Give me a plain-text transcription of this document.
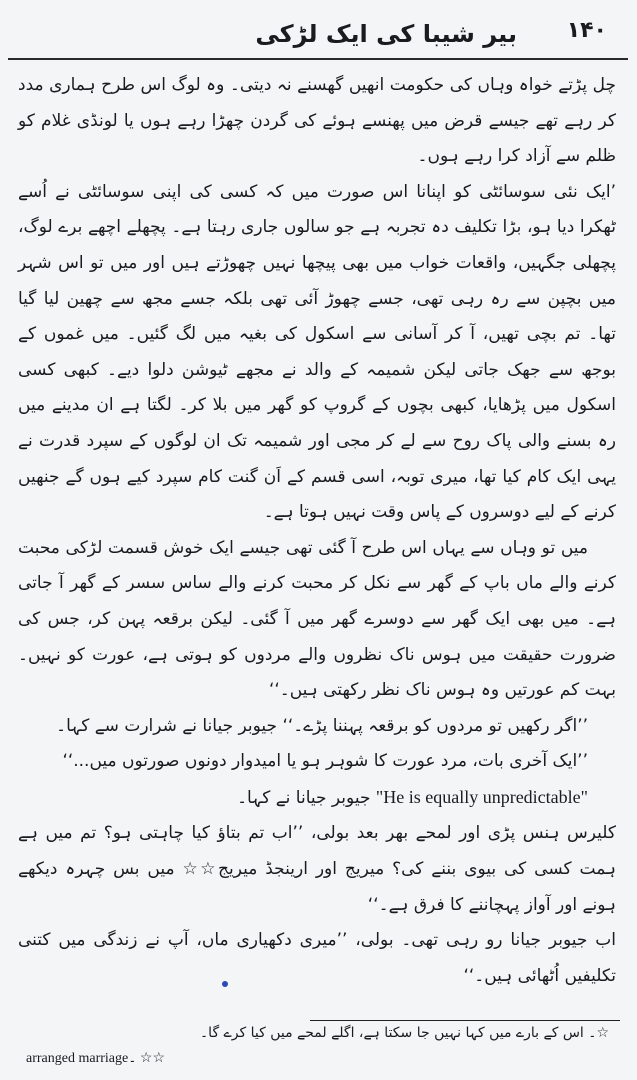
۱۴۰
بیر شیبا کی ایک لڑکی

چل پڑتے خواہ وہاں کی حکومت انھیں گھسنے نہ دیتی۔ وہ لوگ اس طرح ہماری مدد کر رہے تھے جیسے قرض میں پھنسے ہوئے کی گردن چھڑا رہے ہوں یا لونڈی غلام کو ظلم سے آزاد کرا رہے ہوں۔

’ایک نئی سوسائٹی کو اپنانا اس صورت میں کہ کسی کی اپنی سوسائٹی نے اُسے ٹھکرا دیا ہو، بڑا تکلیف دہ تجربہ ہے جو سالوں جاری رہتا ہے۔ پچھلے اچھے برے لوگ، پچھلی جگہیں، واقعات خواب میں بھی پیچھا نہیں چھوڑتے ہیں اور میں تو اس شہر میں بچپن سے رہ رہی تھی، جسے چھوڑ آئی تھی بلکہ جسے مجھ سے چھین لیا گیا تھا۔ تم بچی تھیں، آ کر آسانی سے اسکول کی بغیہ میں لگ گئیں۔ میں غموں کے بوجھ سے جھک جاتی لیکن شمیمہ کے والد نے مجھے ٹیوشن دلوا دیے۔ کبھی کسی اسکول میں پڑھایا، کبھی بچوں کے گروپ کو گھر میں بلا کر۔ لگتا ہے ان مدینے میں رہ بسنے والی پاک روح سے لے کر مجی اور شمیمہ تک ان لوگوں کے سپرد قدرت نے یہی ایک کام کیا تھا، میری توبہ، اسی قسم کے اَن گنت کام سپرد کیے ہوں گے جنھیں کرنے کے لیے دوسروں کے پاس وقت نہیں ہوتا ہے۔

میں تو وہاں سے یہاں اس طرح آ گئی تھی جیسے ایک خوش قسمت لڑکی محبت کرنے والے ماں باپ کے گھر سے نکل کر محبت کرنے والے ساس سسر کے گھر آ جاتی ہے۔ میں بھی ایک گھر سے دوسرے گھر میں آ گئی۔ لیکن برقعہ پہن کر، جس کی ضرورت حقیقت میں ہوس ناک نظروں والے مردوں کو ہوتی ہے، عورت کو نہیں۔ بہت کم عورتیں وہ ہوس ناک نظر رکھتی ہیں۔‘‘

’’اگر رکھیں تو مردوں کو برقعہ پہننا پڑے۔‘‘ جیوبر جیانا نے شرارت سے کہا۔

’’ایک آخری بات، مرد عورت کا شوہر ہو یا امیدوار دونوں صورتوں میں...‘‘

"He is equally unpredictable" جیوبر جیانا نے کہا۔

کلیرس ہنس پڑی اور لمحے بھر بعد بولی، ’’اب تم بتاؤ کیا چاہتی ہو؟ تم میں ہے ہمت کسی کی بیوی بننے کی؟ میریج اور ارینجڈ میریج☆☆ میں بس چہرہ دیکھے ہونے اور آواز پہچاننے کا فرق ہے۔‘‘

اب جیوبر جیانا رو رہی تھی۔ بولی، ’’میری دکھیاری ماں، آپ نے زندگی میں کتنی تکلیفیں اُٹھائی ہیں۔‘‘

☆۔ اس کے بارے میں کہا نہیں جا سکتا ہے، اگلے لمحے میں کیا کرے گا۔
arranged marriage۔ ☆☆
